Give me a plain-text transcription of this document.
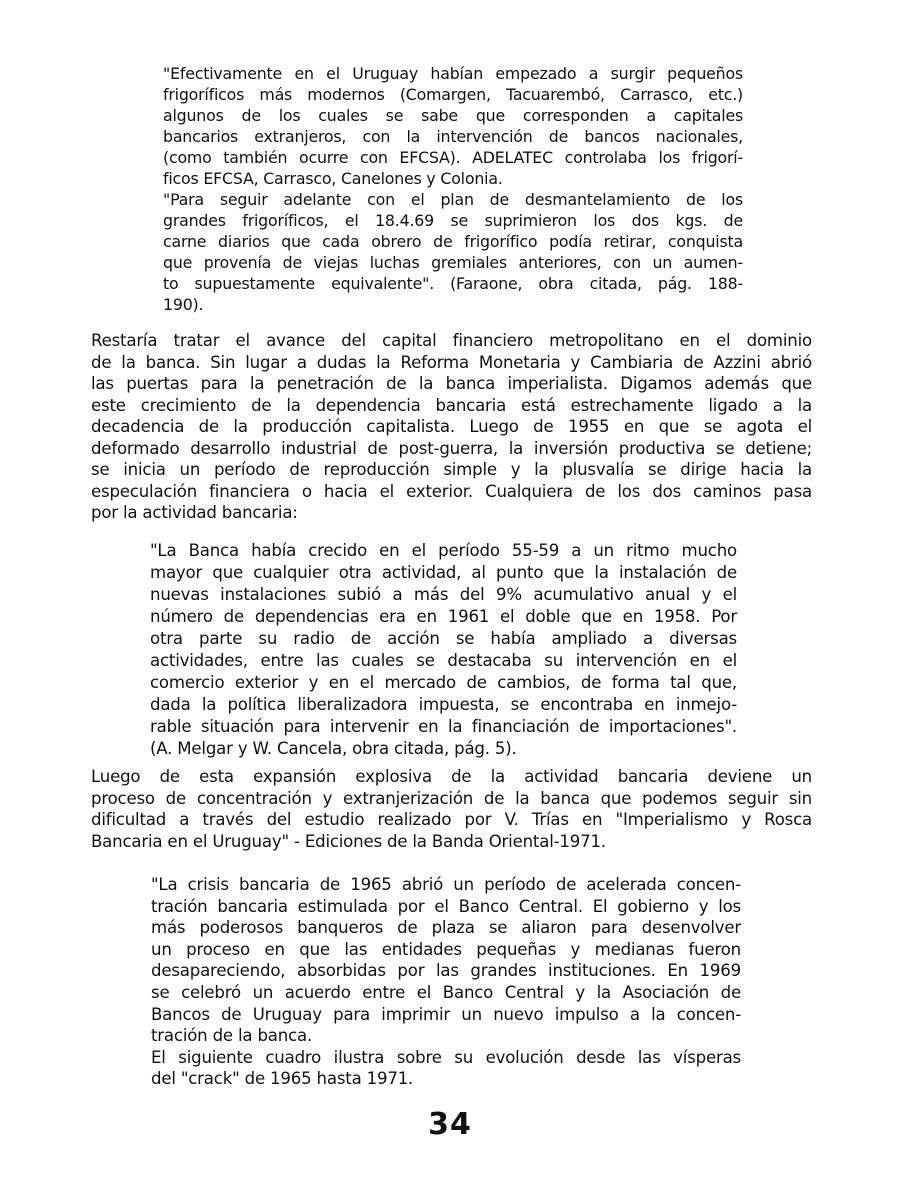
"Efectivamente en el Uruguay habían empezado a surgir pequeños
frigoríficos más modernos (Comargen, Tacuarembó, Carrasco, etc.)
algunos de los cuales se sabe que corresponden a capitales
bancarios extranjeros, con la intervención de bancos nacionales,
(como también ocurre con EFCSA). ADELATEC controlaba los frigorí-
ficos EFCSA, Carrasco, Canelones y Colonia.
"Para seguir adelante con el plan de desmantelamiento de los
grandes frigoríficos, el 18.4.69 se suprimieron los dos kgs. de
carne diarios que cada obrero de frigorífico podía retirar, conquista
que provenía de viejas luchas gremiales anteriores, con un aumen-
to supuestamente equivalente". (Faraone, obra citada, pág. 188-
190).
Restaría tratar el avance del capital financiero metropolitano en el dominio
de la banca. Sin lugar a dudas la Reforma Monetaria y Cambiaria de Azzini abrió
las puertas para la penetración de la banca imperialista. Digamos además que
este crecimiento de la dependencia bancaria está estrechamente ligado a la
decadencia de la producción capitalista. Luego de 1955 en que se agota el
deformado desarrollo industrial de post-guerra, la inversión productiva se detiene;
se inicia un período de reproducción simple y la plusvalía se dirige hacia la
especulación financiera o hacia el exterior. Cualquiera de los dos caminos pasa
por la actividad bancaria:
"La Banca había crecido en el período 55-59 a un ritmo mucho
mayor que cualquier otra actividad, al punto que la instalación de
nuevas instalaciones subió a más del 9% acumulativo anual y el
número de dependencias era en 1961 el doble que en 1958. Por
otra parte su radio de acción se había ampliado a diversas
actividades, entre las cuales se destacaba su intervención en el
comercio exterior y en el mercado de cambios, de forma tal que,
dada la política liberalizadora impuesta, se encontraba en inmejo-
rable situación para intervenir en la financiación de importaciones".
(A. Melgar y W. Cancela, obra citada, pág. 5).
Luego de esta expansión explosiva de la actividad bancaria deviene un
proceso de concentración y extranjerización de la banca que podemos seguir sin
dificultad a través del estudio realizado por V. Trías en "Imperialismo y Rosca
Bancaria en el Uruguay" - Ediciones de la Banda Oriental-1971.
"La crisis bancaria de 1965 abrió un período de acelerada concen-
tración bancaria estimulada por el Banco Central. El gobierno y los
más poderosos banqueros de plaza se aliaron para desenvolver
un proceso en que las entidades pequeñas y medianas fueron
desapareciendo, absorbidas por las grandes instituciones. En 1969
se celebró un acuerdo entre el Banco Central y la Asociación de
Bancos de Uruguay para imprimir un nuevo impulso a la concen-
tración de la banca.
El siguiente cuadro ilustra sobre su evolución desde las vísperas
del "crack" de 1965 hasta 1971.
34
